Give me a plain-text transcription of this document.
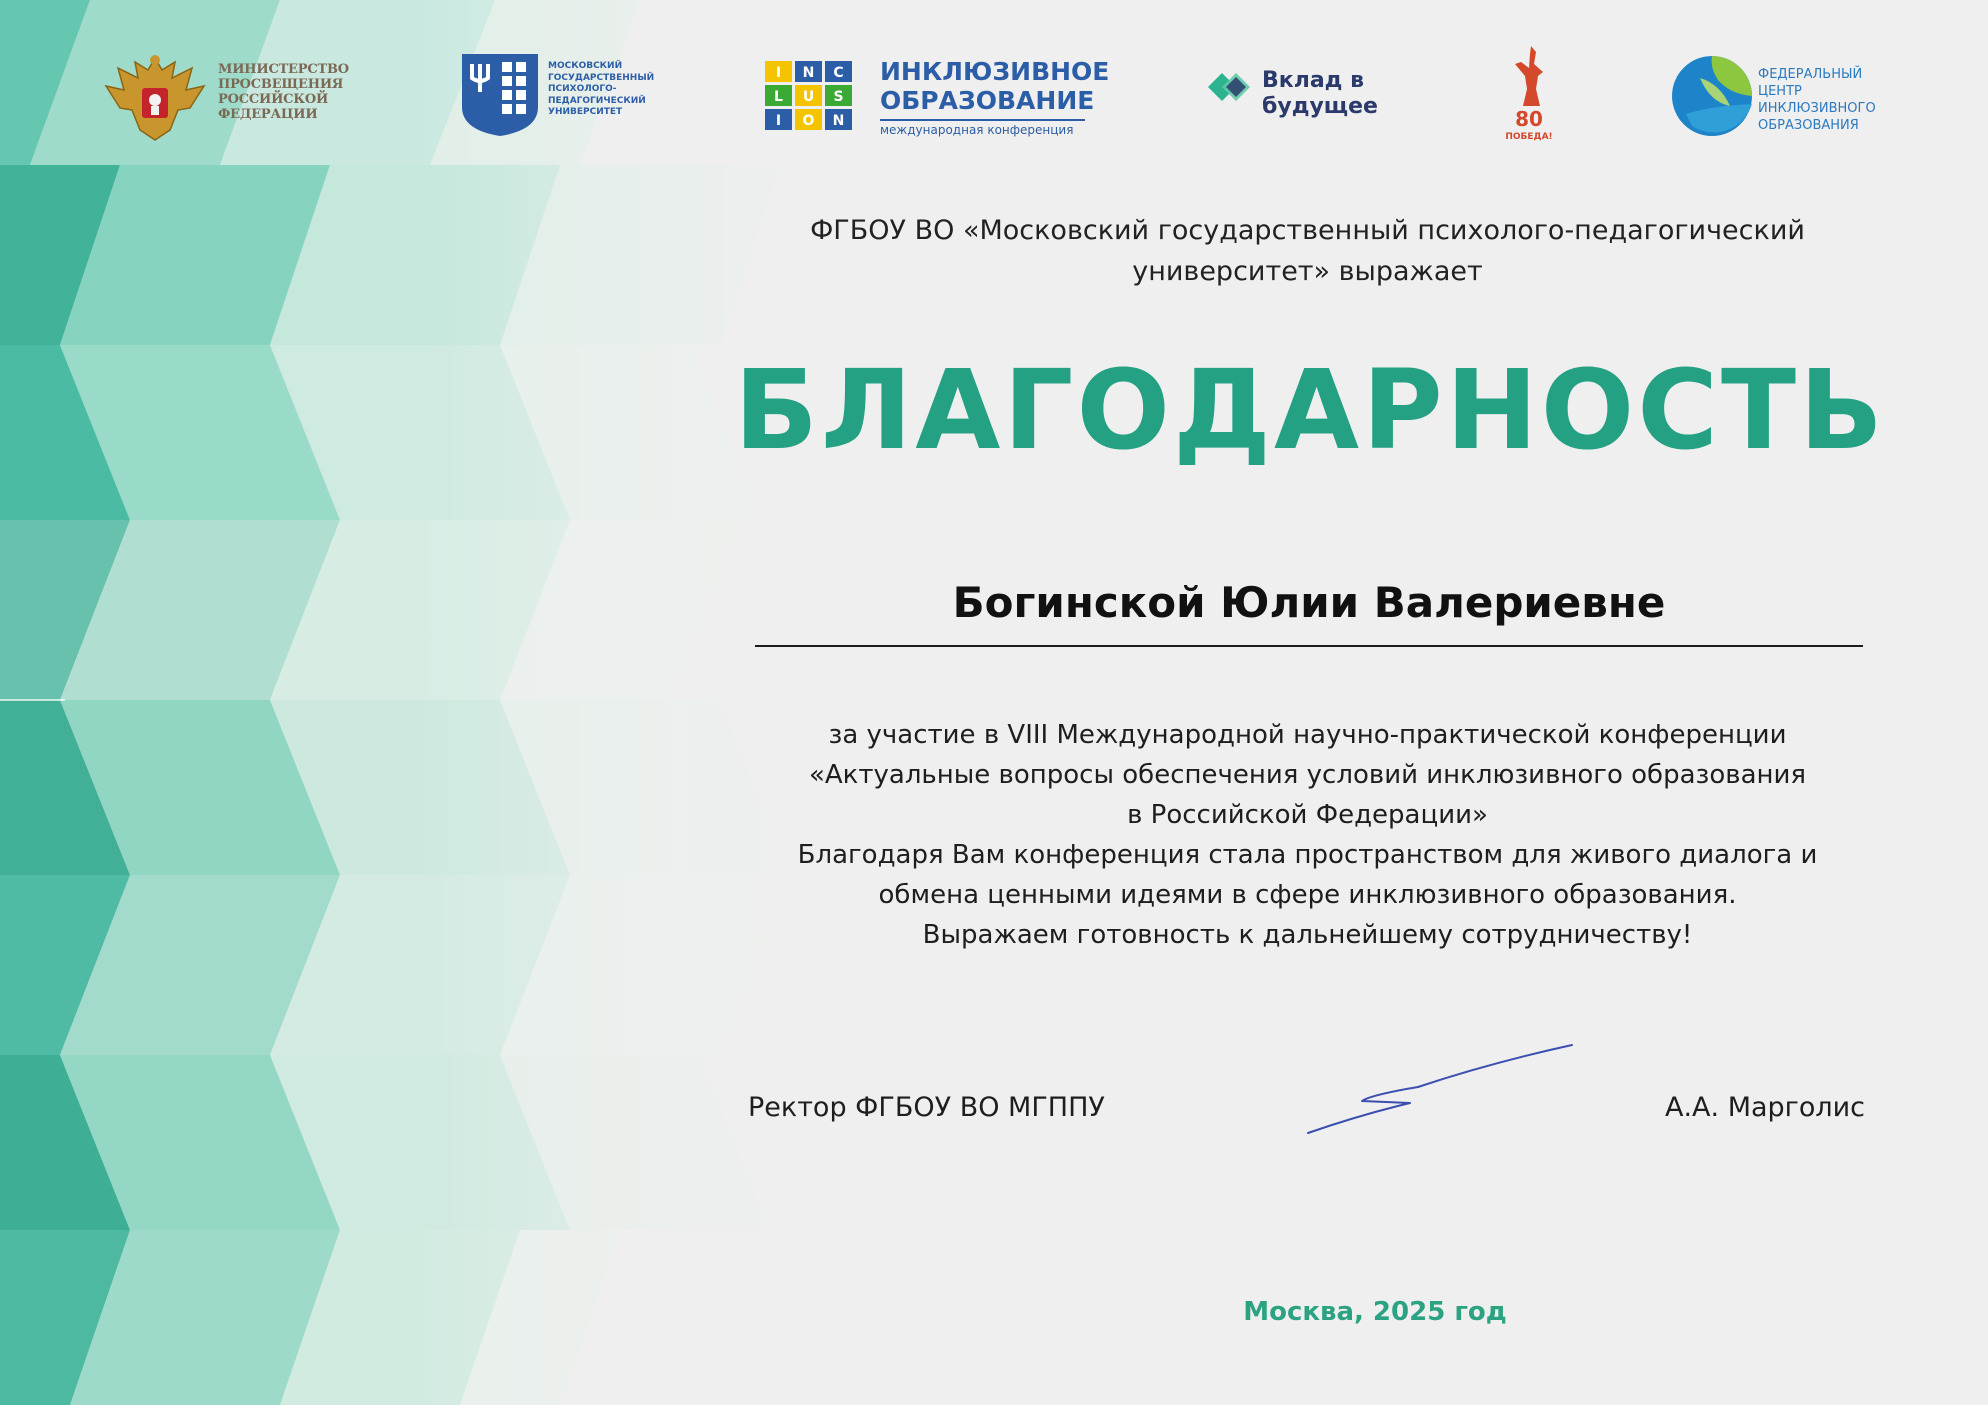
МИНИСТЕРСТВО ПРОСВЕЩЕНИЯ РОССИЙСКОЙ ФЕДЕРАЦИИ
МОСКОВСКИЙ ГОСУДАРСТВЕННЫЙ ПСИХОЛОГО-ПЕДАГОГИЧЕСКИЙ УНИВЕРСИТЕТ
I N C
L U S
I O N
ИНКЛЮЗИВНОЕ
ОБРАЗОВАНИЕ
международная конференция
Вклад в будущее	80
ПОБЕДА!
ФЕДЕРАЛЬНЫЙ ЦЕНТР ИНКЛЮЗИВНОГО ОБРАЗОВАНИЯ
ФГБОУ ВО «Московский государственный психолого-педагогический университет» выражает
БЛАГОДАРНОСТЬ
Богинской Юлии Валериевне
за участие в VIII Международной научно-практической конференции
«Актуальные вопросы обеспечения условий инклюзивного образования
в Российской Федерации»
Благодаря Вам конференция стала пространством для живого диалога и
обмена ценными идеями в сфере инклюзивного образования.
Выражаем готовность к дальнейшему сотрудничеству!
Ректор ФГБОУ ВО МГППУ	А.А. Марголис
Москва, 2025 год
